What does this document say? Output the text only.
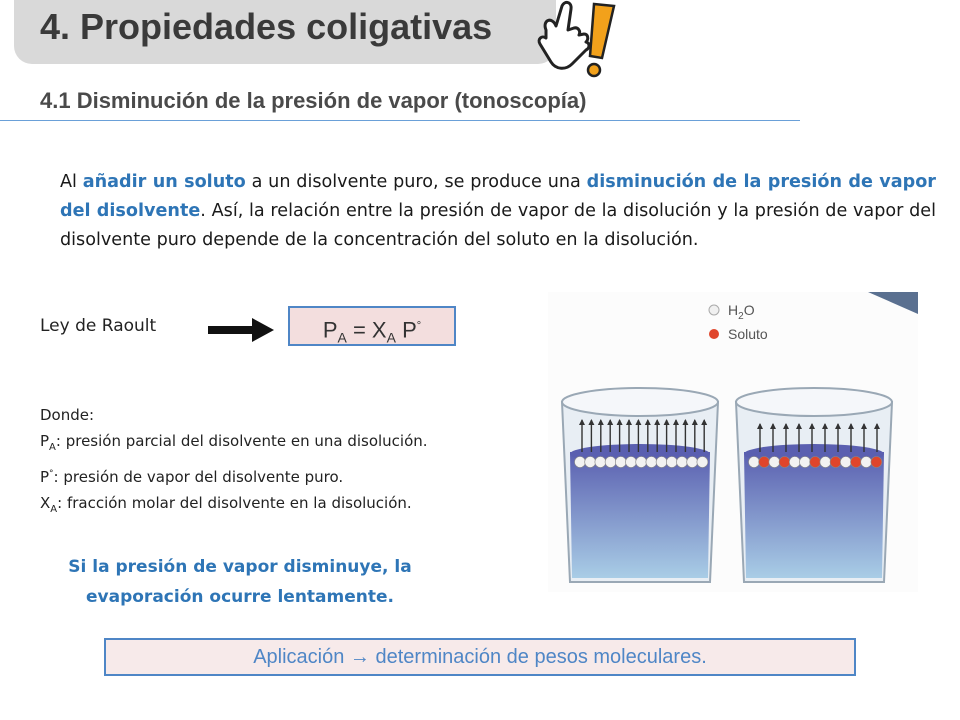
4. Propiedades coligativas
4.1 Disminución de la presión de vapor (tonoscopía)
Al añadir un soluto a un disolvente puro, se produce una disminución de la presión de vapor del disolvente. Así, la relación entre la presión de vapor de la disolución y la presión de vapor del disolvente puro depende de la concentración del soluto en la disolución.
Ley de Raoult	$P_A = X_A$ P°
Donde:
$P_A$: presión parcial del disolvente en una disolución.
P°: presión de vapor del disolvente puro.
$X_A$: fracción molar del disolvente en la disolución.
Si la presión de vapor disminuye, la
evaporación ocurre lentamente.
Aplicación → determinación de pesos moleculares.
$H_2O$
Soluto
